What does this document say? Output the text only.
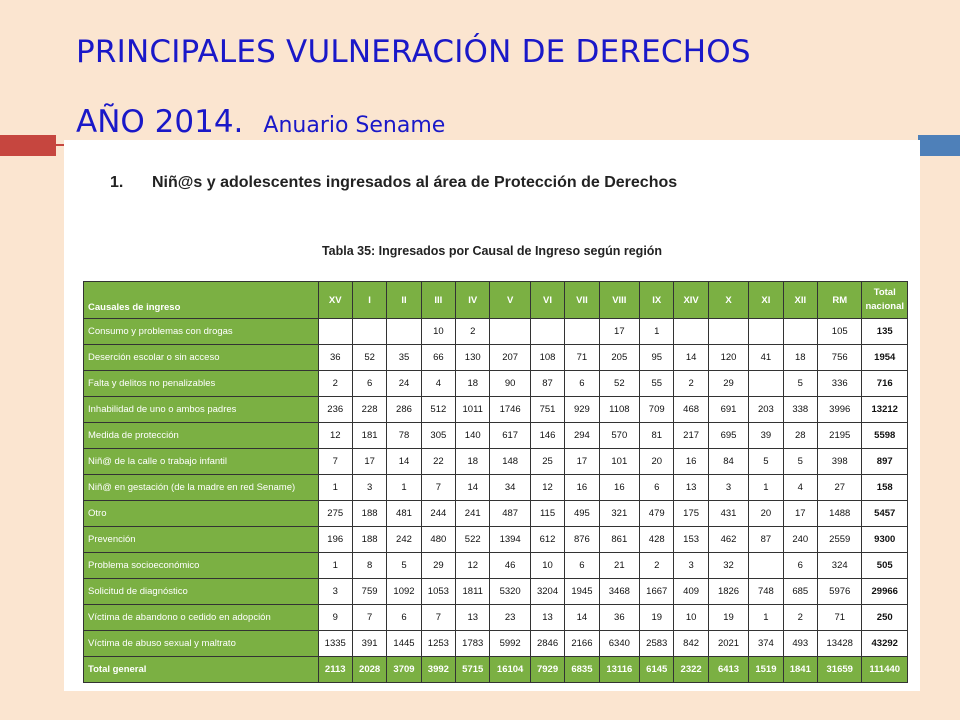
PRINCIPALES VULNERACIÓN DE DERECHOS
AÑO 2014. Anuario Sename
1. Niñ@s y adolescentes ingresados al área de Protección de Derechos
Tabla 35: Ingresados por Causal de Ingreso según región
Causales de ingreso	XV	I	II	III	IV	V	VI	VII	VIII	IX	XIV	X	XI	XII	RM	Total nacional
Consumo y problemas con drogas				10	2				17	1					105	135
Deserción escolar o sin acceso	36	52	35	66	130	207	108	71	205	95	14	120	41	18	756	1954
Falta y delitos no penalizables	2	6	24	4	18	90	87	6	52	55	2	29		5	336	716
Inhabilidad de uno o ambos padres	236	228	286	512	1011	1746	751	929	1108	709	468	691	203	338	3996	13212
Medida de protección	12	181	78	305	140	617	146	294	570	81	217	695	39	28	2195	5598
Niñ@ de la calle o trabajo infantil	7	17	14	22	18	148	25	17	101	20	16	84	5	5	398	897
Niñ@ en gestación (de la madre en red Sename)	1	3	1	7	14	34	12	16	16	6	13	3	1	4	27	158
Otro	275	188	481	244	241	487	115	495	321	479	175	431	20	17	1488	5457
Prevención	196	188	242	480	522	1394	612	876	861	428	153	462	87	240	2559	9300
Problema socioeconómico	1	8	5	29	12	46	10	6	21	2	3	32		6	324	505
Solicitud de diagnóstico	3	759	1092	1053	1811	5320	3204	1945	3468	1667	409	1826	748	685	5976	29966
Víctima de abandono o cedido en adopción	9	7	6	7	13	23	13	14	36	19	10	19	1	2	71	250
Víctima de abuso sexual y maltrato	1335	391	1445	1253	1783	5992	2846	2166	6340	2583	842	2021	374	493	13428	43292
Total general	2113	2028	3709	3992	5715	16104	7929	6835	13116	6145	2322	6413	1519	1841	31659	111440
